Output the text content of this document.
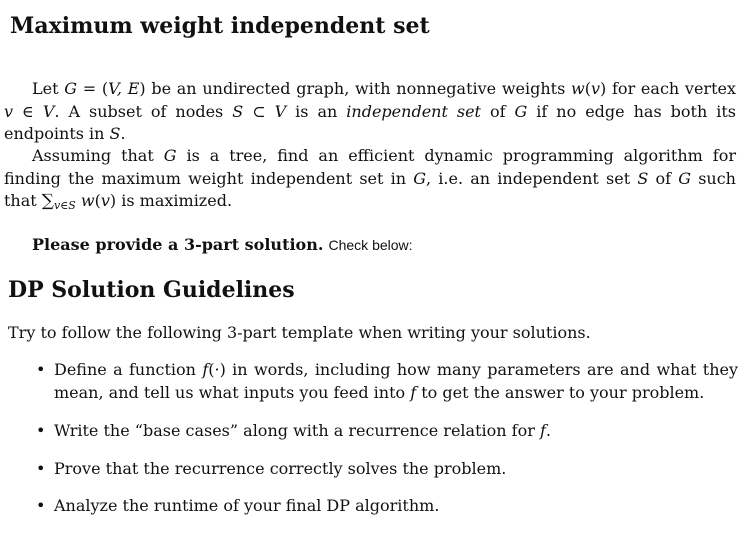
Maximum weight independent set

Let G = (V, E) be an undirected graph, with nonnegative weights w(v) for each vertex v ∈ V. A subset of nodes S ⊂ V is an independent set of G if no edge has both its endpoints in S.

Assuming that G is a tree, find an efficient dynamic programming algorithm for finding the maximum weight independent set in G, i.e. an independent set S of G such that $\sum_{v\in S}$ w(v) is maximized.

Please provide a 3-part solution. Check below:

DP Solution Guidelines

Try to follow the following 3-part template when writing your solutions.

• Define a function f(·) in words, including how many parameters are and what they mean, and tell us what inputs you feed into f to get the answer to your problem.
• Write the “base cases” along with a recurrence relation for f.
• Prove that the recurrence correctly solves the problem.
• Analyze the runtime of your final DP algorithm.
